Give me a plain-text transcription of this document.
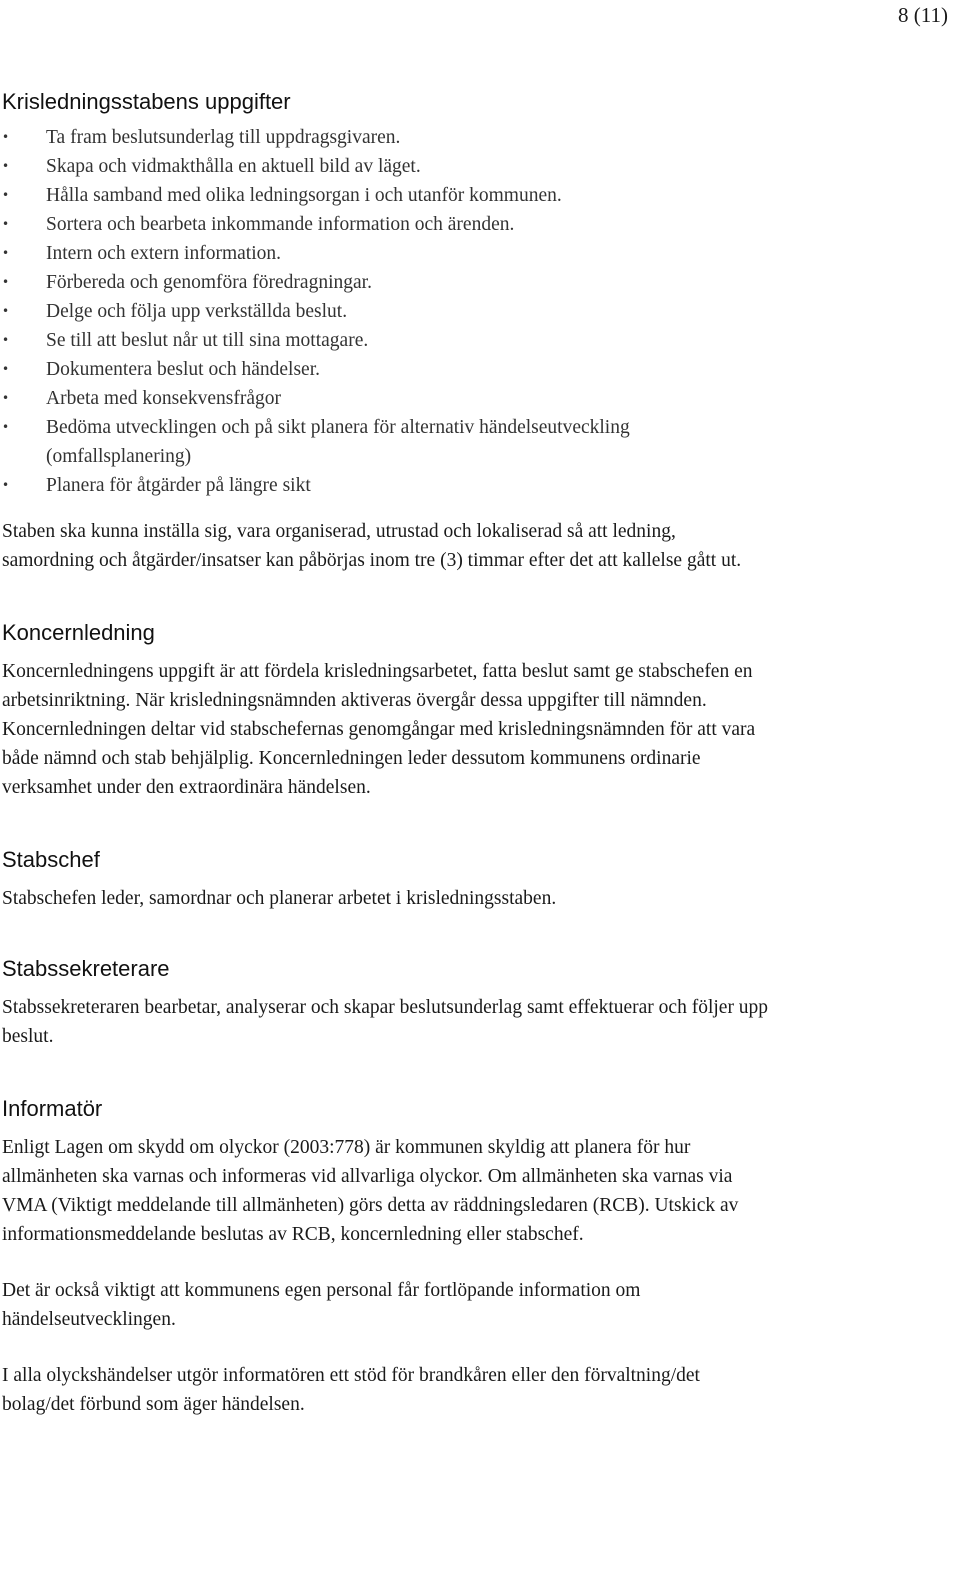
8 (11)
Krisledningsstabens uppgifter
• Ta fram beslutsunderlag till uppdragsgivaren.
• Skapa och vidmakthålla en aktuell bild av läget.
• Hålla samband med olika ledningsorgan i och utanför kommunen.
• Sortera och bearbeta inkommande information och ärenden.
• Intern och extern information.
• Förbereda och genomföra föredragningar.
• Delge och följa upp verkställda beslut.
• Se till att beslut når ut till sina mottagare.
• Dokumentera beslut och händelser.
• Arbeta med konsekvensfrågor
• Bedöma utvecklingen och på sikt planera för alternativ händelseutveckling (omfallsplanering)
• Planera för åtgärder på längre sikt

Staben ska kunna inställa sig, vara organiserad, utrustad och lokaliserad så att ledning, samordning och åtgärder/insatser kan påbörjas inom tre (3) timmar efter det att kallelse gått ut.

Koncernledning

Koncernledningens uppgift är att fördela krisledningsarbetet, fatta beslut samt ge stabschefen en arbetsinriktning. När krisledningsnämnden aktiveras övergår dessa uppgifter till nämnden. Koncernledningen deltar vid stabschefernas genomgångar med krisledningsnämnden för att vara både nämnd och stab behjälplig. Koncernledningen leder dessutom kommunens ordinarie verksamhet under den extraordinära händelsen.

Stabschef

Stabschefen leder, samordnar och planerar arbetet i krisledningsstaben.

Stabssekreterare

Stabssekreteraren bearbetar, analyserar och skapar beslutsunderlag samt effektuerar och följer upp beslut.

Informatör

Enligt Lagen om skydd om olyckor (2003:778) är kommunen skyldig att planera för hur allmänheten ska varnas och informeras vid allvarliga olyckor. Om allmänheten ska varnas via VMA (Viktigt meddelande till allmänheten) görs detta av räddningsledaren (RCB). Utskick av informationsmeddelande beslutas av RCB, koncernledning eller stabschef.

Det är också viktigt att kommunens egen personal får fortlöpande information om händelseutvecklingen.

I alla olyckshändelser utgör informatören ett stöd för brandkåren eller den förvaltning/det bolag/det förbund som äger händelsen.
